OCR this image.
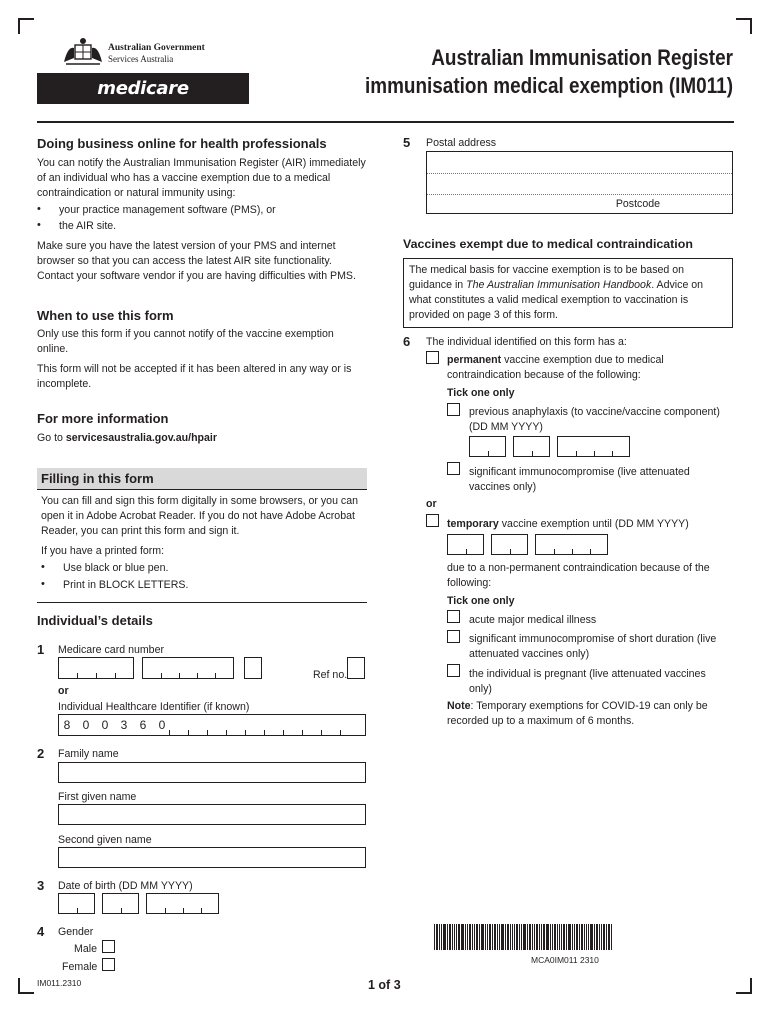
Australian Government
Services Australia
medicare
Australian Immunisation Register
immunisation medical exemption (IM011)
Doing business online for health professionals

You can notify the Australian Immunisation Register (AIR) immediately of an individual who has a vaccine exemption due to a medical contraindication or natural immunity using:

•	your practice management software (PMS), or
•	the AIR site.

Make sure you have the latest version of your PMS and internet browser so that you can access the latest AIR site functionality. Contact your software vendor if you are having difficulties with PMS.

When to use this form

Only use this form if you cannot notify of the vaccine exemption online.

This form will not be accepted if it has been altered in any way or is incomplete.

For more information

Go to servicesaustralia.gov.au/hpair

Filling in this form

You can fill and sign this form digitally in some browsers, or you can open it in Adobe Acrobat Reader. If you do not have Adobe Acrobat Reader, you can print this form and sign it.

If you have a printed form:

•	Use black or blue pen.
•	Print in BLOCK LETTERS.
Individual’s details
1 Medicare card number
Ref no.
or
Individual Healthcare Identifier (if known)
8 0 0 3 6 0
2 Family name
First given name
Second given name
3 Date of birth (DD MM YYYY)
4 Gender
Male
Female
5 Postal address
Postcode
Vaccines exempt due to medical contraindication

The medical basis for vaccine exemption is to be based on guidance in The Australian Immunisation Handbook. Advice on what constitutes a valid medical exemption to vaccination is provided on page 3 of this form.

6 The individual identified on this form has a:
permanent vaccine exemption due to medical contraindication because of the following:
Tick one only
previous anaphylaxis (to vaccine/vaccine component) (DD MM YYYY)
significant immunocompromise (live attenuated vaccines only)
or
temporary vaccine exemption until (DD MM YYYY)
due to a non-permanent contraindication because of the following:
Tick one only
acute major medical illness
significant immunocompromise of short duration (live attenuated vaccines only)
the individual is pregnant (live attenuated vaccines only)
Note: Temporary exemptions for COVID-19 can only be recorded up to a maximum of 6 months.
MCA0IM011 2310
IM011.2310	1 of 3
